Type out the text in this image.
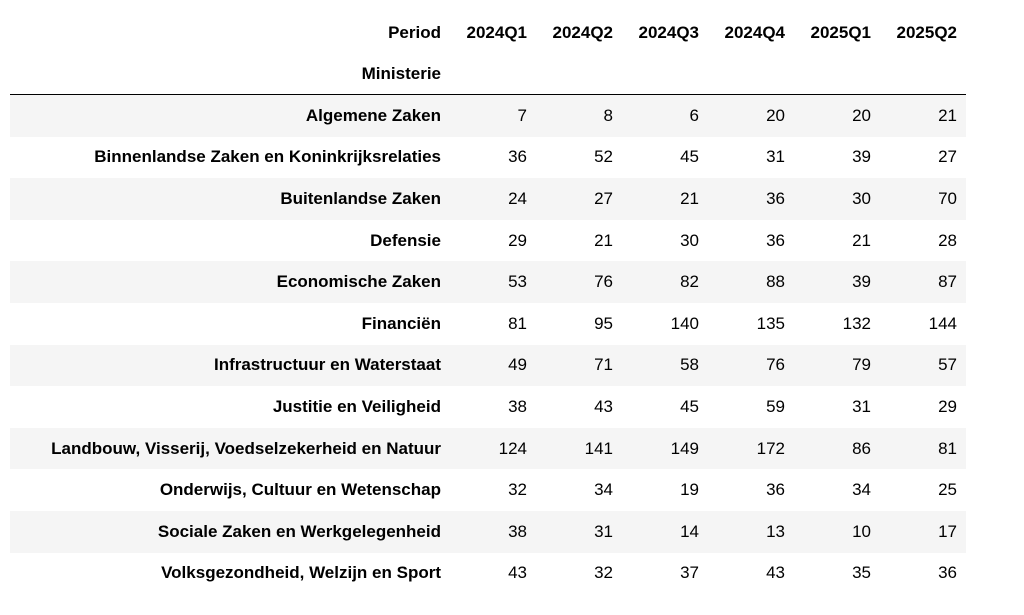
Period	2024Q1	2024Q2	2024Q3	2024Q4	2025Q1	2025Q2
Ministerie						
Algemene Zaken	7	8	6	20	20	21
Binnenlandse Zaken en Koninkrijksrelaties	36	52	45	31	39	27
Buitenlandse Zaken	24	27	21	36	30	70
Defensie	29	21	30	36	21	28
Economische Zaken	53	76	82	88	39	87
Financiën	81	95	140	135	132	144
Infrastructuur en Waterstaat	49	71	58	76	79	57
Justitie en Veiligheid	38	43	45	59	31	29
Landbouw, Visserij, Voedselzekerheid en Natuur	124	141	149	172	86	81
Onderwijs, Cultuur en Wetenschap	32	34	19	36	34	25
Sociale Zaken en Werkgelegenheid	38	31	14	13	10	17
Volksgezondheid, Welzijn en Sport	43	32	37	43	35	36
